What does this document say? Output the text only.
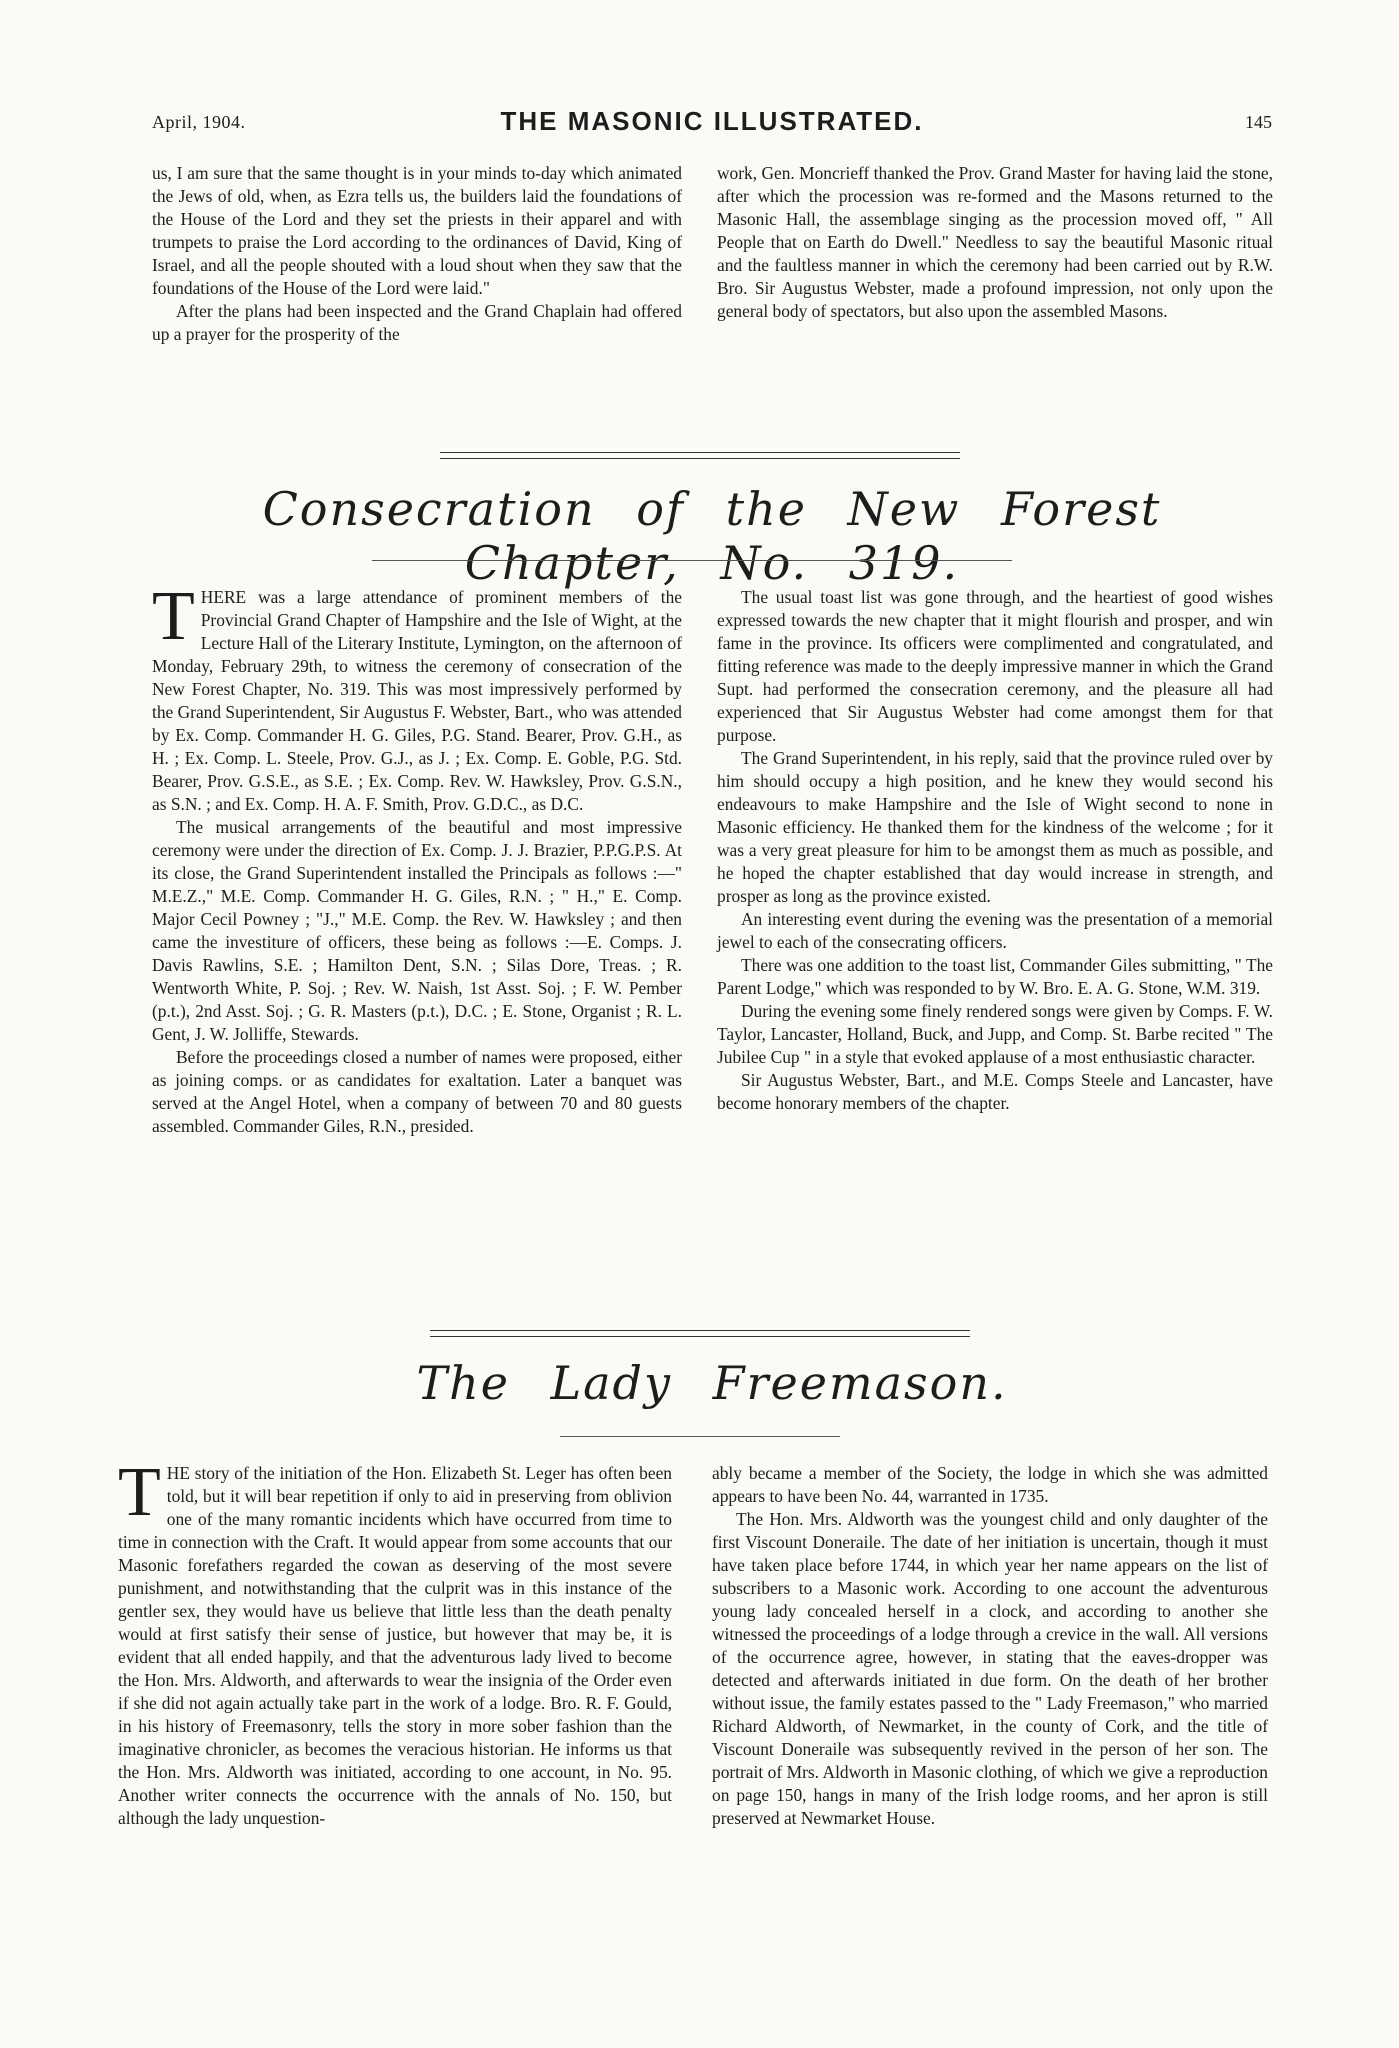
April, 1904.	THE MASONIC ILLUSTRATED.	145

us, I am sure that the same thought is in your minds to-day which animated the Jews of old, when, as Ezra tells us, the builders laid the foundations of the House of the Lord and they set the priests in their apparel and with trumpets to praise the Lord according to the ordinances of David, King of Israel, and all the people shouted with a loud shout when they saw that the foundations of the House of the Lord were laid."

After the plans had been inspected and the Grand Chaplain had offered up a prayer for the prosperity of the

work, Gen. Moncrieff thanked the Prov. Grand Master for having laid the stone, after which the procession was re-formed and the Masons returned to the Masonic Hall, the assemblage singing as the procession moved off, " All People that on Earth do Dwell." Needless to say the beautiful Masonic ritual and the faultless manner in which the ceremony had been carried out by R.W. Bro. Sir Augustus Webster, made a profound impression, not only upon the general body of spectators, but also upon the assembled Masons.

Consecration of the New Forest Chapter, No. 319.

THERE was a large attendance of prominent members of the Provincial Grand Chapter of Hampshire and the Isle of Wight, at the Lecture Hall of the Literary Institute, Lymington, on the afternoon of Monday, February 29th, to witness the ceremony of consecration of the New Forest Chapter, No. 319. This was most impressively performed by the Grand Superintendent, Sir Augustus F. Webster, Bart., who was attended by Ex. Comp. Commander H. G. Giles, P.G. Stand. Bearer, Prov. G.H., as H. ; Ex. Comp. L. Steele, Prov. G.J., as J. ; Ex. Comp. E. Goble, P.G. Std. Bearer, Prov. G.S.E., as S.E. ; Ex. Comp. Rev. W. Hawksley, Prov. G.S.N., as S.N. ; and Ex. Comp. H. A. F. Smith, Prov. G.D.C., as D.C.

The musical arrangements of the beautiful and most impressive ceremony were under the direction of Ex. Comp. J. J. Brazier, P.P.G.P.S. At its close, the Grand Superintendent installed the Principals as follows :—" M.E.Z.," M.E. Comp. Commander H. G. Giles, R.N. ; " H.," E. Comp. Major Cecil Powney ; "J.," M.E. Comp. the Rev. W. Hawksley ; and then came the investiture of officers, these being as follows :—E. Comps. J. Davis Rawlins, S.E. ; Hamilton Dent, S.N. ; Silas Dore, Treas. ; R. Wentworth White, P. Soj. ; Rev. W. Naish, 1st Asst. Soj. ; F. W. Pember (p.t.), 2nd Asst. Soj. ; G. R. Masters (p.t.), D.C. ; E. Stone, Organist ; R. L. Gent, J. W. Jolliffe, Stewards.

Before the proceedings closed a number of names were proposed, either as joining comps. or as candidates for exaltation. Later a banquet was served at the Angel Hotel, when a company of between 70 and 80 guests assembled. Commander Giles, R.N., presided.

The usual toast list was gone through, and the heartiest of good wishes expressed towards the new chapter that it might flourish and prosper, and win fame in the province. Its officers were complimented and congratulated, and fitting reference was made to the deeply impressive manner in which the Grand Supt. had performed the consecration ceremony, and the pleasure all had experienced that Sir Augustus Webster had come amongst them for that purpose.

The Grand Superintendent, in his reply, said that the province ruled over by him should occupy a high position, and he knew they would second his endeavours to make Hampshire and the Isle of Wight second to none in Masonic efficiency. He thanked them for the kindness of the welcome ; for it was a very great pleasure for him to be amongst them as much as possible, and he hoped the chapter established that day would increase in strength, and prosper as long as the province existed.

An interesting event during the evening was the presentation of a memorial jewel to each of the consecrating officers.

There was one addition to the toast list, Commander Giles submitting, " The Parent Lodge," which was responded to by W. Bro. E. A. G. Stone, W.M. 319.

During the evening some finely rendered songs were given by Comps. F. W. Taylor, Lancaster, Holland, Buck, and Jupp, and Comp. St. Barbe recited " The Jubilee Cup " in a style that evoked applause of a most enthusiastic character.

Sir Augustus Webster, Bart., and M.E. Comps Steele and Lancaster, have become honorary members of the chapter.

The Lady Freemason.

THE story of the initiation of the Hon. Elizabeth St. Leger has often been told, but it will bear repetition if only to aid in preserving from oblivion one of the many romantic incidents which have occurred from time to time in connection with the Craft. It would appear from some accounts that our Masonic forefathers regarded the cowan as deserving of the most severe punishment, and notwithstanding that the culprit was in this instance of the gentler sex, they would have us believe that little less than the death penalty would at first satisfy their sense of justice, but however that may be, it is evident that all ended happily, and that the adventurous lady lived to become the Hon. Mrs. Aldworth, and afterwards to wear the insignia of the Order even if she did not again actually take part in the work of a lodge. Bro. R. F. Gould, in his history of Freemasonry, tells the story in more sober fashion than the imaginative chronicler, as becomes the veracious historian. He informs us that the Hon. Mrs. Aldworth was initiated, according to one account, in No. 95. Another writer connects the occurrence with the annals of No. 150, but although the lady unquestion-

ably became a member of the Society, the lodge in which she was admitted appears to have been No. 44, warranted in 1735.

The Hon. Mrs. Aldworth was the youngest child and only daughter of the first Viscount Doneraile. The date of her initiation is uncertain, though it must have taken place before 1744, in which year her name appears on the list of subscribers to a Masonic work. According to one account the adventurous young lady concealed herself in a clock, and according to another she witnessed the proceedings of a lodge through a crevice in the wall. All versions of the occurrence agree, however, in stating that the eaves-dropper was detected and afterwards initiated in due form. On the death of her brother without issue, the family estates passed to the " Lady Freemason," who married Richard Aldworth, of Newmarket, in the county of Cork, and the title of Viscount Doneraile was subsequently revived in the person of her son. The portrait of Mrs. Aldworth in Masonic clothing, of which we give a reproduction on page 150, hangs in many of the Irish lodge rooms, and her apron is still preserved at Newmarket House.
